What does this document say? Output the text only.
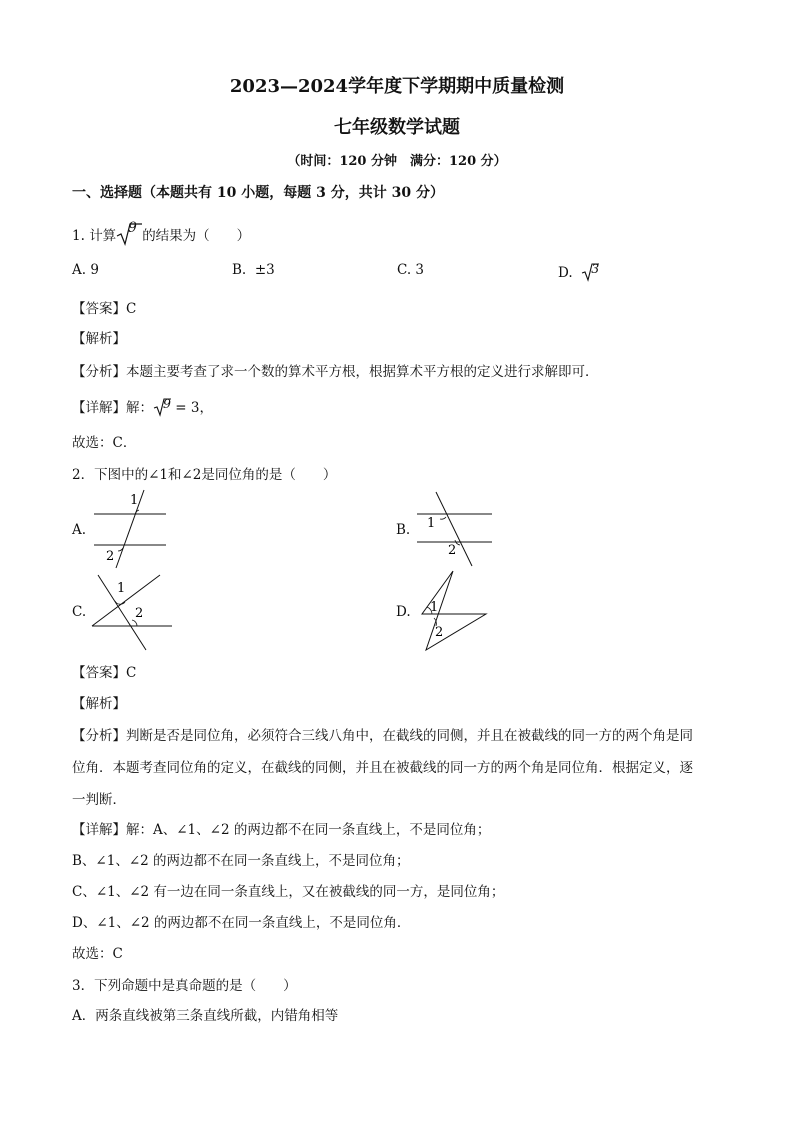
2023—2024学年度下学期期中质量检测
七年级数学试题
（时间：120 分钟　满分：120 分）
一、选择题（本题共有 10 小题，每题 3 分，共计 30 分）
1. 计算 9 的结果为（　　）
A. 9	B. ±3	C. 3	D. 3
【答案】C
【解析】
【分析】本题主要考查了求一个数的算术平方根，根据算术平方根的定义进行求解即可．
【详解】解： 9 = 3，
故选：C．
2．下图中的∠1和∠2是同位角的是（　　）
A.
1
2
B. 1
2
C.
1
2	D. 1
2
【答案】C
【解析】
【分析】判断是否是同位角，必须符合三线八角中，在截线的同侧，并且在被截线的同一方的两个角是同
位角．本题考查同位角的定义，在截线的同侧，并且在被截线的同一方的两个角是同位角．根据定义，逐
一判断．
【详解】解：A、∠1、∠2 的两边都不在同一条直线上，不是同位角；
B、∠1、∠2 的两边都不在同一条直线上，不是同位角；
C、∠1、∠2 有一边在同一条直线上，又在被截线的同一方，是同位角；
D、∠1、∠2 的两边都不在同一条直线上，不是同位角．
故选：C
3．下列命题中是真命题的是（　　）
A．两条直线被第三条直线所截，内错角相等
